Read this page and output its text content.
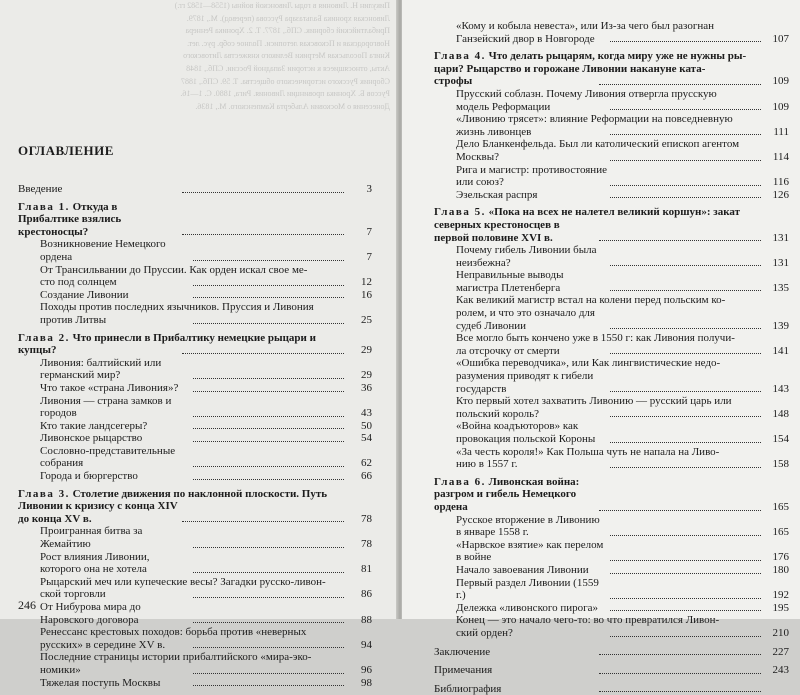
Пикулин Н. Ливония в годы Ливонской войны (1558—1582 гг.)
Ливонская хроника Бальтазара Руссова (перевод). М., 1879.
Прибалтийский сборник. СПб., 1877. Т. 2. Хроника Реннера
Новгородская и Псковская летописи. Полное собр. рус. лет.
Книга Посольская Метрики Великого княжества Литовского
Акты, относящиеся к истории Западной России. СПб., 1848
Сборник Русского исторического общества. Т. 59. СПб., 1887
Руссов Б. Хроника провинции Ливония. Рига, 1880. С. 1—16.
Донесения о Московии Альберта Кампенского. М., 1836.
ОГЛАВЛЕНИЕ
Введение	3
Глава 1. Откуда в Прибалтике взялись крестоносцы?	7
Возникновение Немецкого ордена	7
От Трансильвании до Пруссии. Как орден искал свое ме-
сто под солнцем	12
Создание Ливонии	16
Походы против последних язычников. Пруссия и Ливония
против Литвы	25
Глава 2. Что принесли в Прибалтику немецкие рыцари и
купцы?	29
Ливония: балтийский или германский мир?	29
Что такое «страна Ливония»?	36
Ливония — страна замков и городов	43
Кто такие ландсегеры?	50
Ливонское рыцарство	54
Сословно-представительные собрания	62
Города и бюргерство	66
Глава 3. Столетие движения по наклонной плоскости. Путь
Ливонии к кризису с конца XIV до конца XV в.	78
Проигранная битва за Жемайтию	78
Рост влияния Ливонии, которого она не хотела	81
Рыцарский меч или купеческие весы? Загадки русско-ливон-
ской торговли	86
От Нибурова мира до Наровского договора	88
Ренессанс крестовых походов: борьба против «неверных
русских» в середине XV в.	94
Последние страницы истории прибалтийского «мира-эко-
номики»	96
Тяжелая поступь Москвы	98
246
«Кому и кобыла невеста», или Из-за чего был разогнан
Ганзейский двор в Новгороде	107
Глава 4. Что делать рыцарям, когда миру уже не нужны ры-
цари? Рыцарство и горожане Ливонии накануне ката-
строфы	109
Прусский соблазн. Почему Ливония отвергла прусскую
модель Реформации	109
«Ливонию трясет»: влияние Реформации на повседневную
жизнь ливонцев	111
Дело Бланкенфельда. Был ли католический епископ агентом
Москвы?	114
Рига и магистр: противостояние или союз?	116
Эзельская распря	126
Глава 5. «Пока на всех не налетел великий коршун»: закат
северных крестоносцев в первой половине XVI в.	131
Почему гибель Ливонии была неизбежна?	131
Неправильные выводы магистра Плетенберга	135
Как великий магистр встал на колени перед польским ко-
ролем, и что это означало для судеб Ливонии	139
Все могло быть кончено уже в 1550 г: как Ливония получи-
ла отсрочку от смерти	141
«Ошибка переводчика», или Как лингвистические недо-
разумения приводят к гибели государств	143
Кто первый хотел захватить Ливонию — русский царь или
польский король?	148
«Война коадъюторов» как провокация польской Короны	154
«За честь короля!» Как Польша чуть не напала на Ливо-
нию в 1557 г.	158
Глава 6. Ливонская война: разгром и гибель Немецкого ордена	165
Русское вторжение в Ливонию в январе 1558 г.	165
«Нарвское взятие» как перелом в войне	176
Начало завоевания Ливонии	180
Первый раздел Ливонии (1559 г.)	192
Дележка «ливонского пирога»	195
Конец — это начало чего-то: во что превратился Ливон-
ский орден?	210
Заключение	227
Примечания	243
Библиография
